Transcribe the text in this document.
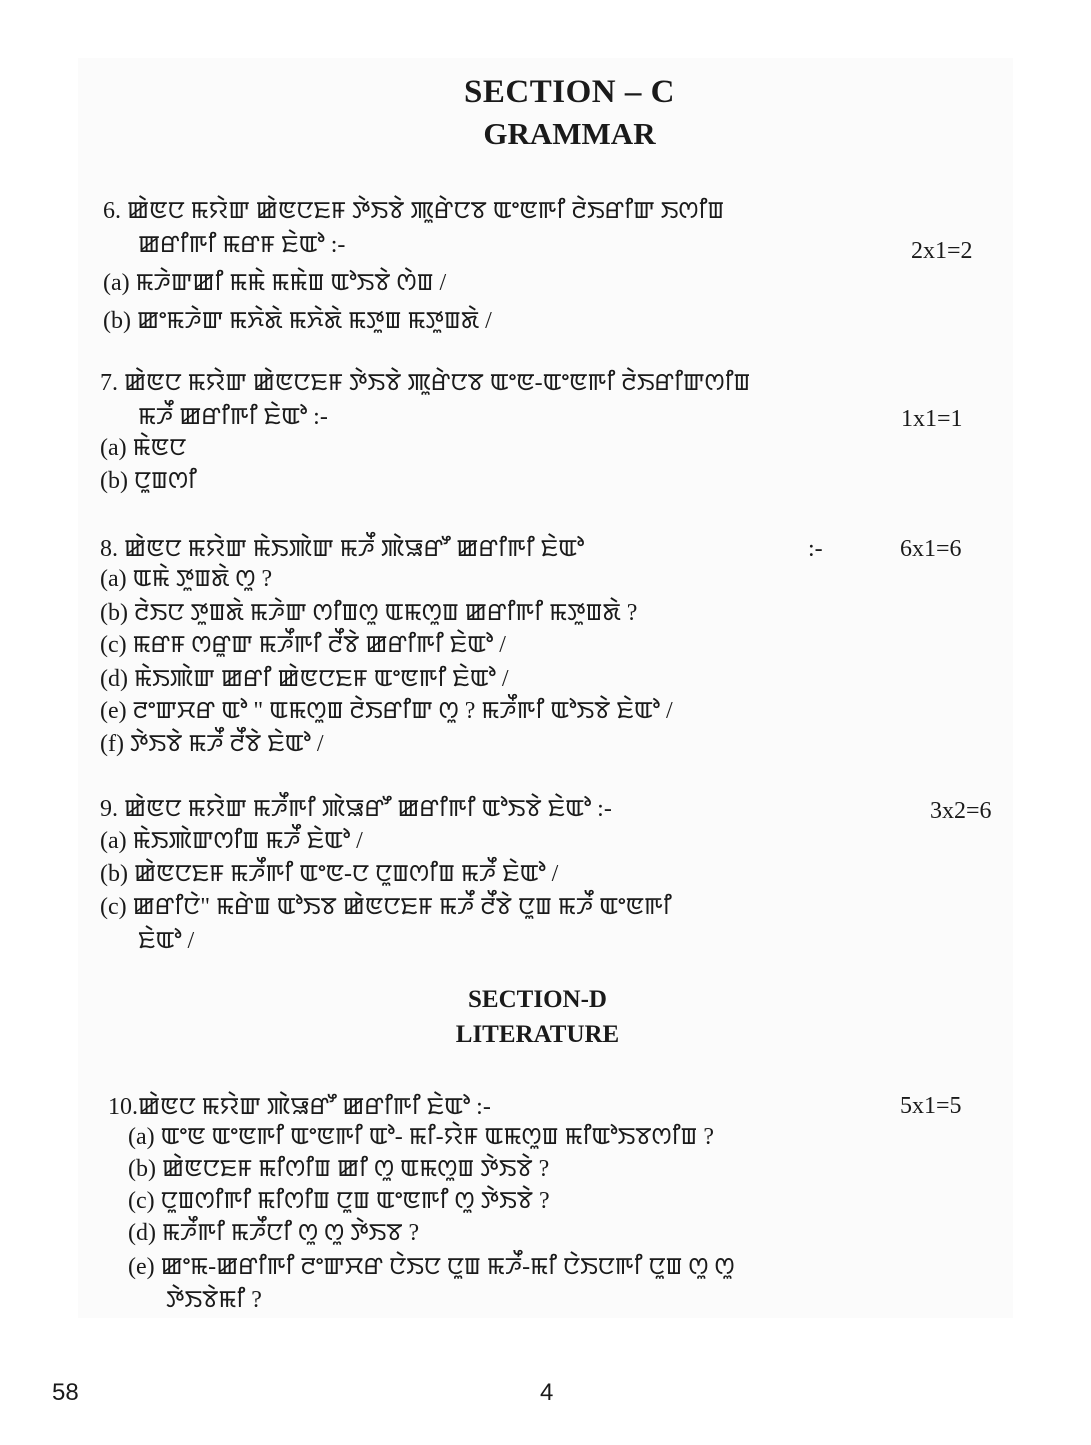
SECTION – C
GRAMMAR
6. ꯀꯥꯟꯅ ꯃꯌꯥꯛ ꯀꯥꯟꯅꯐꯝ ꯇꯥꯏꯕꯥ ꯄꯨꯔꯥꯅꯕ ꯑꯦꯟꯒꯤ ꯂꯥꯏꯔꯤꯛ ꯏꯁꯤꯡ
ꯀꯔꯤꯒꯤ ꯃꯔꯝ ꯐꯥꯑꯣ :-	2x1=2
(a) ꯃꯍꯥꯛꯀꯤ ꯃꯃꯥ ꯃꯃꯥꯡ ꯑꯣꯏꯕꯥ ꯁꯥꯡ /
(b) ꯀꯦꯃꯍꯥꯛ ꯃꯈꯥꯗꯥ ꯃꯈꯥꯗꯥ ꯃꯇꯨꯡ ꯃꯇꯨꯡꯗꯥ /
7. ꯀꯥꯟꯅ ꯃꯌꯥꯛ ꯀꯥꯟꯅꯐꯝ ꯇꯥꯏꯕꯥ ꯄꯨꯔꯥꯅꯕ ꯑꯦꯟ-ꯑꯦꯟꯒꯤ ꯂꯥꯏꯔꯤꯛꯁꯤꯡ
ꯃꯍꯩ ꯀꯔꯤꯒꯤ ꯐꯥꯑꯣ :-	1x1=1
(a) ꯃꯥꯟꯅ
(b) ꯅꯨꯡꯁꯤ
8. ꯀꯥꯟꯅ ꯃꯌꯥꯛ ꯃꯥꯏꯄꯥꯛ ꯃꯍꯩ ꯄꯥꯎꯔꯧ ꯀꯔꯤꯒꯤ ꯐꯥꯑꯣ	:-	6x1=6
(a) ꯑꯃꯥ ꯇꯨꯡꯗꯥ ꯁꯨ ?
(b) ꯂꯥꯏꯅ ꯇꯨꯡꯗꯥ ꯃꯍꯥꯛ ꯁꯤꯡꯁꯨ ꯑꯃꯁꯨꯡ ꯀꯔꯤꯒꯤ ꯃꯇꯨꯡꯗꯥ ?
(c) ꯃꯔꯝ ꯁꯔꯨꯛ ꯃꯍꯩꯒꯤ ꯂꯩꯕꯥ ꯀꯔꯤꯒꯤ ꯐꯥꯑꯣ /
(d) ꯃꯥꯏꯄꯥꯛ ꯀꯔꯤ ꯀꯥꯟꯅꯐꯝ ꯑꯦꯟꯒꯤ ꯐꯥꯑꯣ /
(e) ꯂꯦꯛꯆꯔ ꯑꯣ " ꯑꯃꯁꯨꯡ ꯂꯥꯏꯔꯤꯛ ꯁꯨ ? ꯃꯍꯩꯒꯤ ꯑꯣꯏꯕꯥ ꯐꯥꯑꯣ /
(f) ꯇꯥꯏꯕꯥ ꯃꯍꯩ ꯂꯩꯕꯥ ꯐꯥꯑꯣ /
9. ꯀꯥꯟꯅ ꯃꯌꯥꯛ ꯃꯍꯩꯒꯤ ꯄꯥꯎꯔꯧ ꯀꯔꯤꯒꯤ ꯑꯣꯏꯕꯥ ꯐꯥꯑꯣ :-	3x2=6
(a) ꯃꯥꯏꯄꯥꯛꯁꯤꯡ ꯃꯍꯩ ꯐꯥꯑꯣ /
(b) ꯀꯥꯟꯅꯐꯝ ꯃꯍꯩꯒꯤ ꯑꯦꯟ-ꯅ ꯅꯨꯡꯁꯤꯡ ꯃꯍꯩ ꯐꯥꯑꯣ /
(c) ꯀꯔꯤꯅꯥ" ꯃꯔꯥꯡ ꯑꯣꯏꯕ ꯀꯥꯟꯅꯐꯝ ꯃꯍꯩ ꯂꯩꯕꯥ ꯅꯨꯡ ꯃꯍꯩ ꯑꯦꯟꯒꯤ
ꯐꯥꯑꯣ /
SECTION-D
LITERATURE
10.ꯀꯥꯟꯅ ꯃꯌꯥꯛ ꯄꯥꯎꯔꯧ ꯀꯔꯤꯒꯤ ꯐꯥꯑꯣ :-	5x1=5
(a) ꯑꯦꯟ ꯑꯦꯟꯒꯤ ꯑꯦꯟꯒꯤ ꯑꯣ- ꯃꯤ-ꯌꯥꯝ ꯑꯃꯁꯨꯡ ꯃꯤꯑꯣꯏꯕꯁꯤꯡ ?
(b) ꯀꯥꯟꯅꯐꯝ ꯃꯤꯁꯤꯡ ꯀꯤ ꯁꯨ ꯑꯃꯁꯨꯡ ꯇꯥꯏꯕꯥ ?
(c) ꯅꯨꯡꯁꯤꯒꯤ ꯃꯤꯁꯤꯡ ꯅꯨꯡ ꯑꯦꯟꯒꯤ ꯁꯨ ꯇꯥꯏꯕꯥ ?
(d) ꯃꯍꯩꯒꯤ ꯃꯍꯩꯅꯤ ꯁꯨ ꯁꯨ ꯇꯥꯏꯕ ?
(e) ꯀꯦꯃ-ꯀꯔꯤꯒꯤ ꯂꯦꯛꯆꯔ ꯅꯥꯏꯅ ꯅꯨꯡ ꯃꯍꯩ-ꯃꯤ ꯅꯥꯏꯅꯒꯤ ꯅꯨꯡ ꯁꯨ ꯁꯨ
ꯇꯥꯏꯕꯥꯃꯤ ?
58	4
